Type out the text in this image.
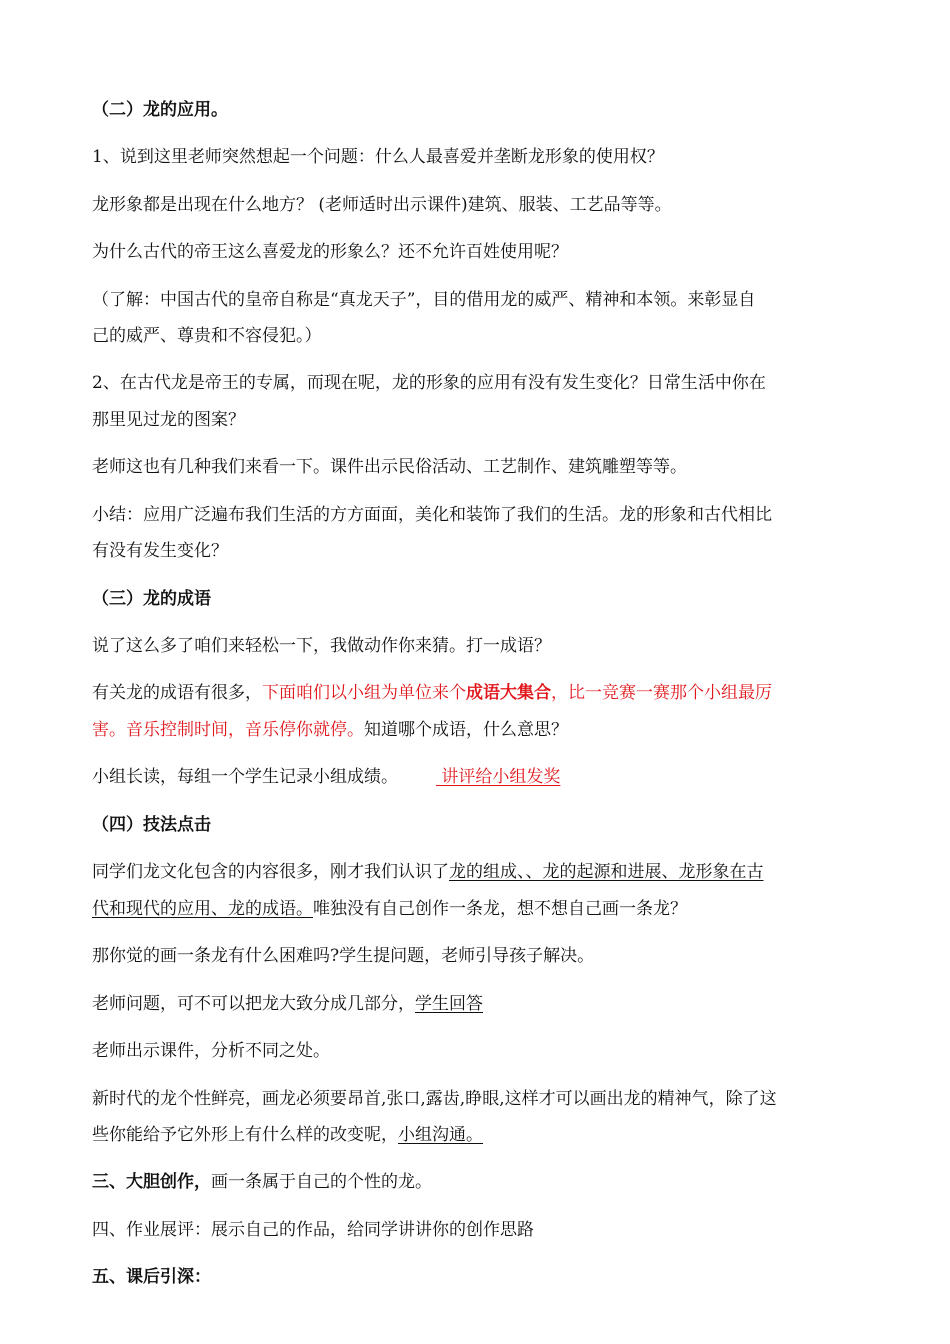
（二）龙的应用。
1、说到这里老师突然想起一个问题：什么人最喜爱并垄断龙形象的使用权？
龙形象都是出现在什么地方？ (老师适时出示课件)建筑、服装、工艺品等等。
为什么古代的帝王这么喜爱龙的形象么？还不允许百姓使用呢？
（了解：中国古代的皇帝自称是“真龙天子”，目的借用龙的威严、精神和本领。来彰显自
己的威严、尊贵和不容侵犯。）
2、在古代龙是帝王的专属，而现在呢，龙的形象的应用有没有发生变化？日常生活中你在
那里见过龙的图案？
老师这也有几种我们来看一下。课件出示民俗活动、工艺制作、建筑雕塑等等。
小结：应用广泛遍布我们生活的方方面面，美化和装饰了我们的生活。龙的形象和古代相比
有没有发生变化？
（三）龙的成语
说了这么多了咱们来轻松一下，我做动作你来猜。打一成语？
有关龙的成语有很多，下面咱们以小组为单位来个成语大集合，比一竞赛一赛那个小组最厉
害。音乐控制时间，音乐停你就停。知道哪个成语，什么意思？
小组长读，每组一个学生记录小组成绩。 讲评给小组发奖
（四）技法点击
同学们龙文化包含的内容很多，刚才我们认识了龙的组成、、龙的起源和进展、龙形象在古
代和现代的应用、龙的成语。唯独没有自己创作一条龙，想不想自己画一条龙？
那你觉的画一条龙有什么困难吗?学生提问题，老师引导孩子解决。
老师问题，可不可以把龙大致分成几部分，学生回答
老师出示课件，分析不同之处。
新时代的龙个性鲜亮，画龙必须要昂首,张口,露齿,睁眼,这样才可以画出龙的精神气，除了这
些你能给予它外形上有什么样的改变呢，小组沟通。
三、大胆创作，画一条属于自己的个性的龙。
四、作业展评：展示自己的作品，给同学讲讲你的创作思路
五、课后引深：
